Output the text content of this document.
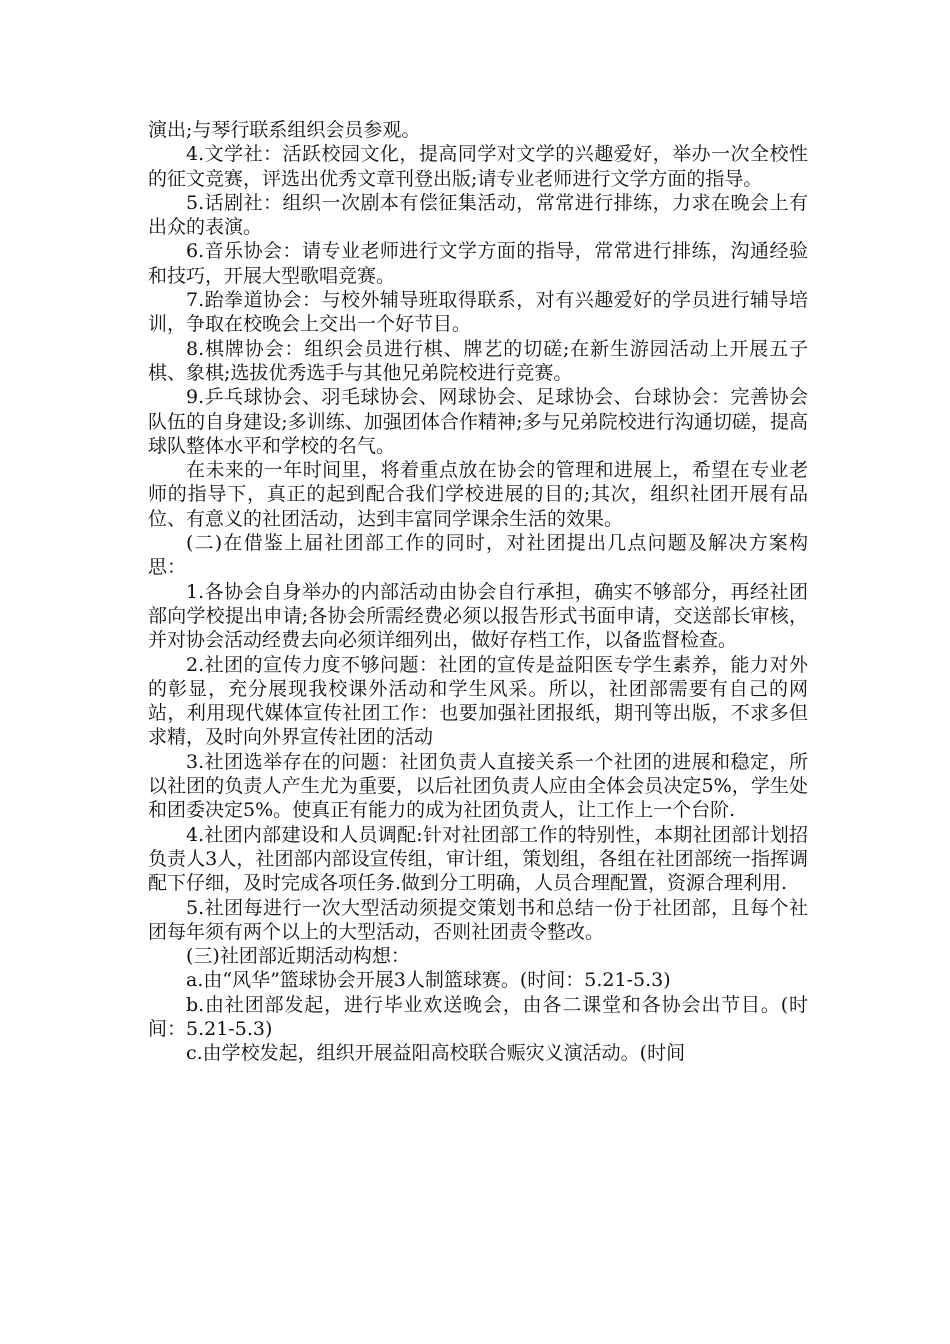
演出;与琴行联系组织会员参观。

4.文学社：活跃校园文化，提高同学对文学的兴趣爱好，举办一次全校性的征文竞赛，评选出优秀文章刊登出版;请专业老师进行文学方面的指导。

5.话剧社：组织一次剧本有偿征集活动，常常进行排练，力求在晚会上有出众的表演。

6.音乐协会：请专业老师进行文学方面的指导，常常进行排练，沟通经验和技巧，开展大型歌唱竞赛。

7.跆拳道协会：与校外辅导班取得联系，对有兴趣爱好的学员进行辅导培训，争取在校晚会上交出一个好节目。

8.棋牌协会：组织会员进行棋、牌艺的切磋;在新生游园活动上开展五子棋、象棋;选拔优秀选手与其他兄弟院校进行竞赛。

9.乒乓球协会、羽毛球协会、网球协会、足球协会、台球协会：完善协会队伍的自身建设;多训练、加强团体合作精神;多与兄弟院校进行沟通切磋，提高球队整体水平和学校的名气。

在未来的一年时间里，将着重点放在协会的管理和进展上，希望在专业老师的指导下，真正的起到配合我们学校进展的目的;其次，组织社团开展有品位、有意义的社团活动，达到丰富同学课余生活的效果。

(二)在借鉴上届社团部工作的同时，对社团提出几点问题及解决方案构思：

1.各协会自身举办的内部活动由协会自行承担，确实不够部分，再经社团部向学校提出申请;各协会所需经费必须以报告形式书面申请，交送部长审核，并对协会活动经费去向必须详细列出，做好存档工作，以备监督检查。

2.社团的宣传力度不够问题：社团的宣传是益阳医专学生素养，能力对外的彰显，充分展现我校课外活动和学生风采。所以，社团部需要有自己的网站，利用现代媒体宣传社团工作：也要加强社团报纸，期刊等出版，不求多但求精，及时向外界宣传社团的活动

3.社团选举存在的问题：社团负责人直接关系一个社团的进展和稳定，所以社团的负责人产生尤为重要，以后社团负责人应由全体会员决定5%，学生处和团委决定5%。使真正有能力的成为社团负责人，让工作上一个台阶.

4.社团内部建设和人员调配:针对社团部工作的特别性，本期社团部计划招负责人3人，社团部内部设宣传组，审计组，策划组，各组在社团部统一指挥调配下仔细，及时完成各项任务.做到分工明确，人员合理配置，资源合理利用.

5.社团每进行一次大型活动须提交策划书和总结一份于社团部，且每个社团每年须有两个以上的大型活动，否则社团责令整改。

(三)社团部近期活动构想：

a.由“风华”篮球协会开展3人制篮球赛。(时间：5.21-5.3)

b.由社团部发起，进行毕业欢送晚会，由各二课堂和各协会出节目。(时间：5.21-5.3)

c.由学校发起，组织开展益阳高校联合赈灾义演活动。(时间
